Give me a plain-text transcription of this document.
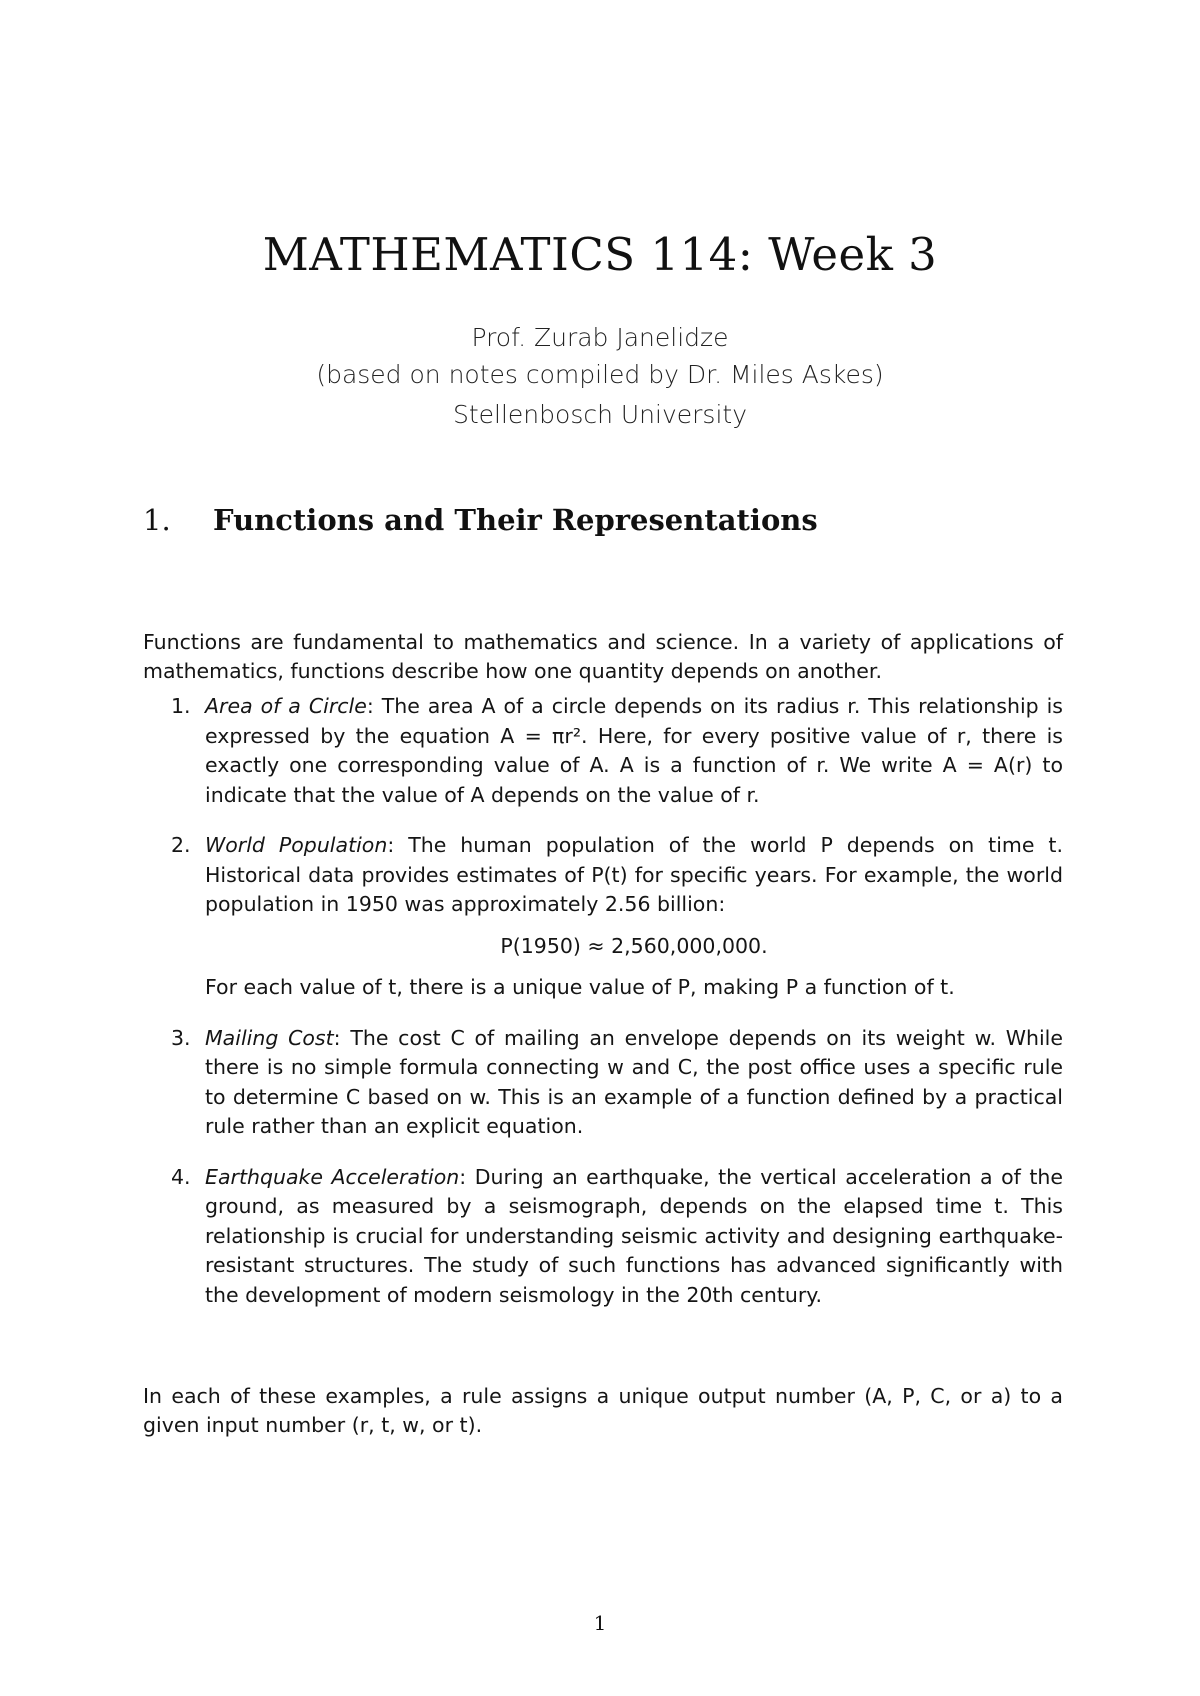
MATHEMATICS 114: Week 3

Prof. Zurab Janelidze

(based on notes compiled by Dr. Miles Askes)

Stellenbosch University

1. Functions and Their Representations

Functions are fundamental to mathematics and science. In a variety of applications of mathematics, functions describe how one quantity depends on another.

1. Area of a Circle: The area A of a circle depends on its radius r. This relationship is expressed by the equation A = πr². Here, for every positive value of r, there is exactly one corresponding value of A. A is a function of r. We write A = A(r) to indicate that the value of A depends on the value of r.
2. World Population: The human population of the world P depends on time t. Historical data provides estimates of P(t) for specific years. For example, the world population in 1950 was approximately 2.56 billion:
P(1950) ≈ 2,560,000,000.
For each value of t, there is a unique value of P, making P a function of t.
3. Mailing Cost: The cost C of mailing an envelope depends on its weight w. While there is no simple formula connecting w and C, the post office uses a specific rule to determine C based on w. This is an example of a function defined by a practical rule rather than an explicit equation.
4. Earthquake Acceleration: During an earthquake, the vertical acceleration a of the ground, as measured by a seismograph, depends on the elapsed time t. This relationship is crucial for understanding seismic activity and designing earthquake-resistant structures. The study of such functions has advanced significantly with the development of modern seismology in the 20th century.

In each of these examples, a rule assigns a unique output number (A, P, C, or a) to a given input number (r, t, w, or t).

1
